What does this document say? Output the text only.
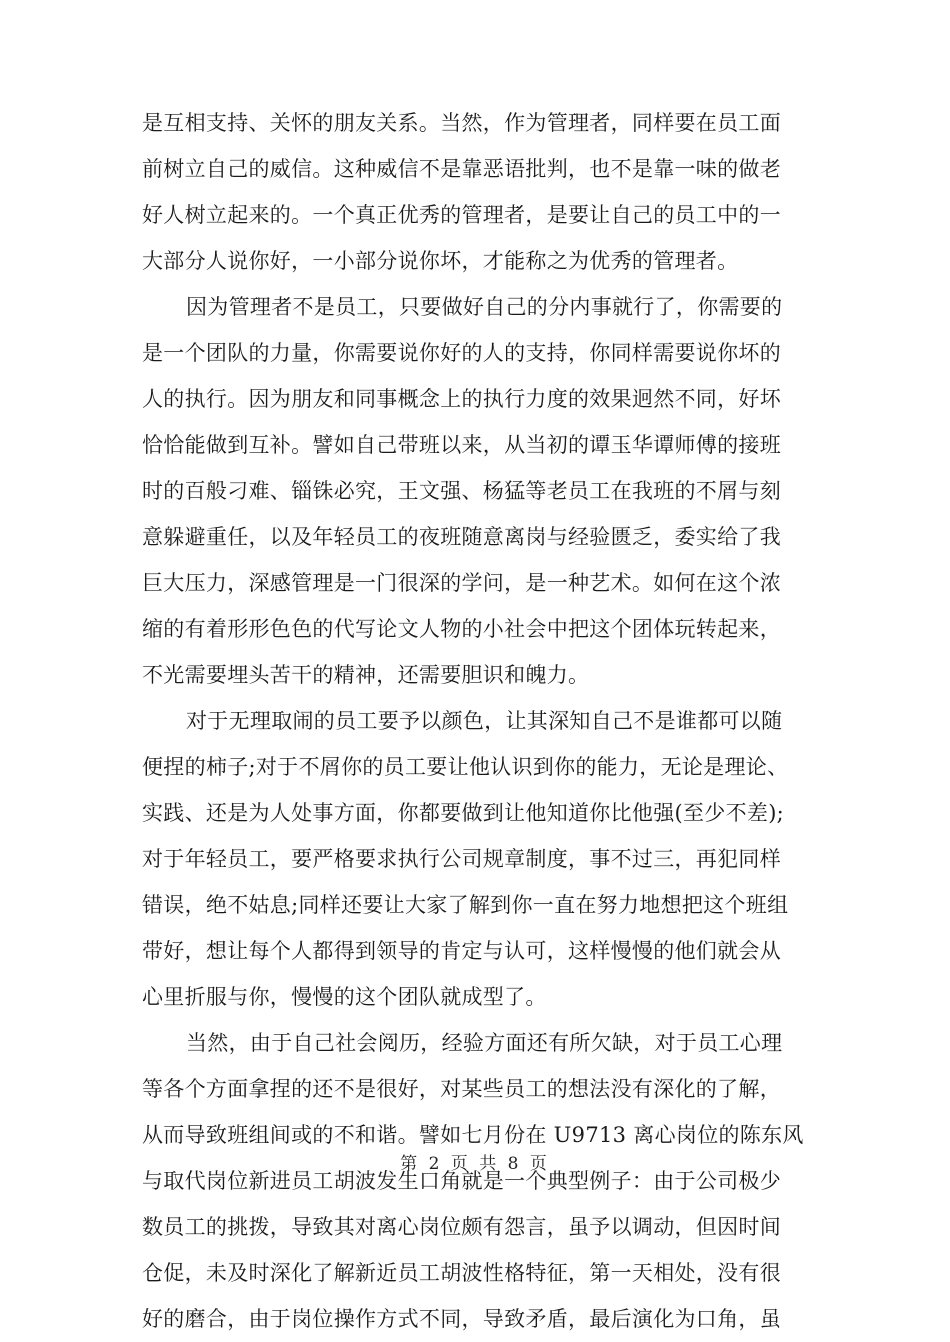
是互相支持、关怀的朋友关系。当然，作为管理者，同样要在员工面
前树立自己的威信。这种威信不是靠恶语批判，也不是靠一味的做老
好人树立起来的。一个真正优秀的管理者，是要让自己的员工中的一
大部分人说你好，一小部分说你坏，才能称之为优秀的管理者。
因为管理者不是员工，只要做好自己的分内事就行了，你需要的
是一个团队的力量，你需要说你好的人的支持，你同样需要说你坏的
人的执行。因为朋友和同事概念上的执行力度的效果迥然不同，好坏
恰恰能做到互补。譬如自己带班以来，从当初的谭玉华谭师傅的接班
时的百般刁难、锱铢必究，王文强、杨猛等老员工在我班的不屑与刻
意躲避重任，以及年轻员工的夜班随意离岗与经验匮乏，委实给了我
巨大压力，深感管理是一门很深的学问，是一种艺术。如何在这个浓
缩的有着形形色色的代写论文人物的小社会中把这个团体玩转起来，
不光需要埋头苦干的精神，还需要胆识和魄力。
对于无理取闹的员工要予以颜色，让其深知自己不是谁都可以随
便捏的柿子;对于不屑你的员工要让他认识到你的能力，无论是理论、
实践、还是为人处事方面，你都要做到让他知道你比他强(至少不差);
对于年轻员工，要严格要求执行公司规章制度，事不过三，再犯同样
错误，绝不姑息;同样还要让大家了解到你一直在努力地想把这个班组
带好，想让每个人都得到领导的肯定与认可，这样慢慢的他们就会从
心里折服与你，慢慢的这个团队就成型了。
当然，由于自己社会阅历，经验方面还有所欠缺，对于员工心理
等各个方面拿捏的还不是很好，对某些员工的想法没有深化的了解，
从而导致班组间或的不和谐。譬如七月份在 U9713 离心岗位的陈东风
与取代岗位新进员工胡波发生口角就是一个典型例子：由于公司极少
数员工的挑拨，导致其对离心岗位颇有怨言，虽予以调动，但因时间
仓促，未及时深化了解新近员工胡波性格特征，第一天相处，没有很
好的磨合，由于岗位操作方式不同，导致矛盾，最后演化为口角，虽
第 2 页 共 8 页
